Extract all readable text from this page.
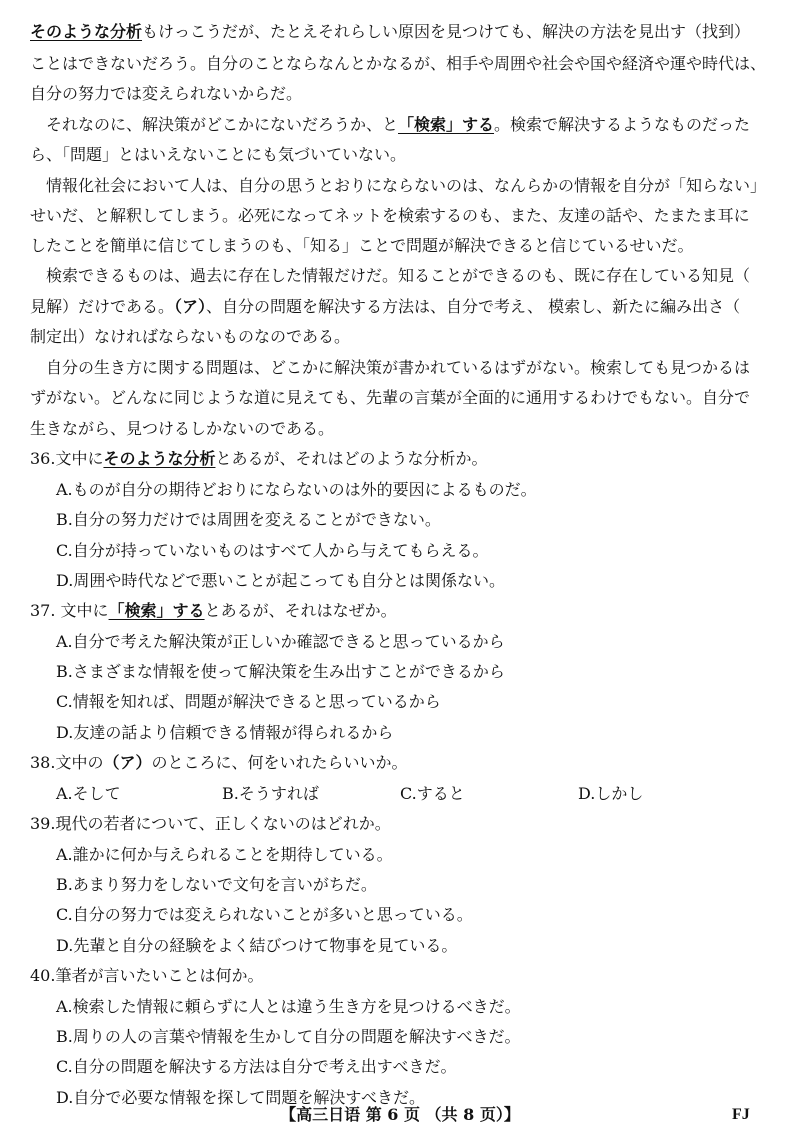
そのような分析もけっこうだが、たとえそれらしい原因を見つけても、解決の方法を見出す（找到）
ことはできないだろう。自分のことならなんとかなるが、相手や周囲や社会や国や経済や運や時代は、
自分の努力では変えられないからだ。
それなのに、解決策がどこかにないだろうか、と「検索」する。検索で解決するようなものだった
ら、「問題」とはいえないことにも気づいていない。
情報化社会において人は、自分の思うとおりにならないのは、なんらかの情報を自分が「知らない」
せいだ、と解釈してしまう。必死になってネットを検索するのも、また、友達の話や、たまたま耳に
したことを簡単に信じてしまうのも、「知る」ことで問題が解決できると信じているせいだ。
検索できるものは、過去に存在した情報だけだ。知ることができるのも、既に存在している知見（
見解）だけである。（ア）、自分の問題を解決する方法は、自分で考え、 模索し、新たに編み出さ（
制定出）なければならないものなのである。
自分の生き方に関する問題は、どこかに解決策が書かれているはずがない。検索しても見つかるは
ずがない。どんなに同じような道に見えても、先輩の言葉が全面的に通用するわけでもない。自分で
生きながら、見つけるしかないのである。
36.文中にそのような分析とあるが、それはどのような分析か。
A.ものが自分の期待どおりにならないのは外的要因によるものだ。
B.自分の努力だけでは周囲を変えることができない。
C.自分が持っていないものはすべて人から与えてもらえる。
D.周囲や時代などで悪いことが起こっても自分とは関係ない。
37. 文中に「検索」するとあるが、それはなぜか。
A.自分で考えた解決策が正しいか確認できると思っているから
B.さまざまな情報を使って解決策を生み出すことができるから
C.情報を知れば、問題が解決できると思っているから
D.友達の話より信頼できる情報が得られるから
38.文中の（ア）のところに、何をいれたらいいか。
A.そして	B.そうすれば	C.すると	D.しかし
39.現代の若者について、正しくないのはどれか。
A.誰かに何か与えられることを期待している。
B.あまり努力をしないで文句を言いがちだ。
C.自分の努力では変えられないことが多いと思っている。
D.先輩と自分の経験をよく結びつけて物事を見ている。
40.筆者が言いたいことは何か。
A.検索した情報に頼らずに人とは違う生き方を見つけるべきだ。
B.周りの人の言葉や情報を生かして自分の問題を解決すべきだ。
C.自分の問題を解決する方法は自分で考え出すべきだ。
D.自分で必要な情報を探して問題を解決すべきだ。
【高三日语 第 6 页 （共 8 页）】	FJ
